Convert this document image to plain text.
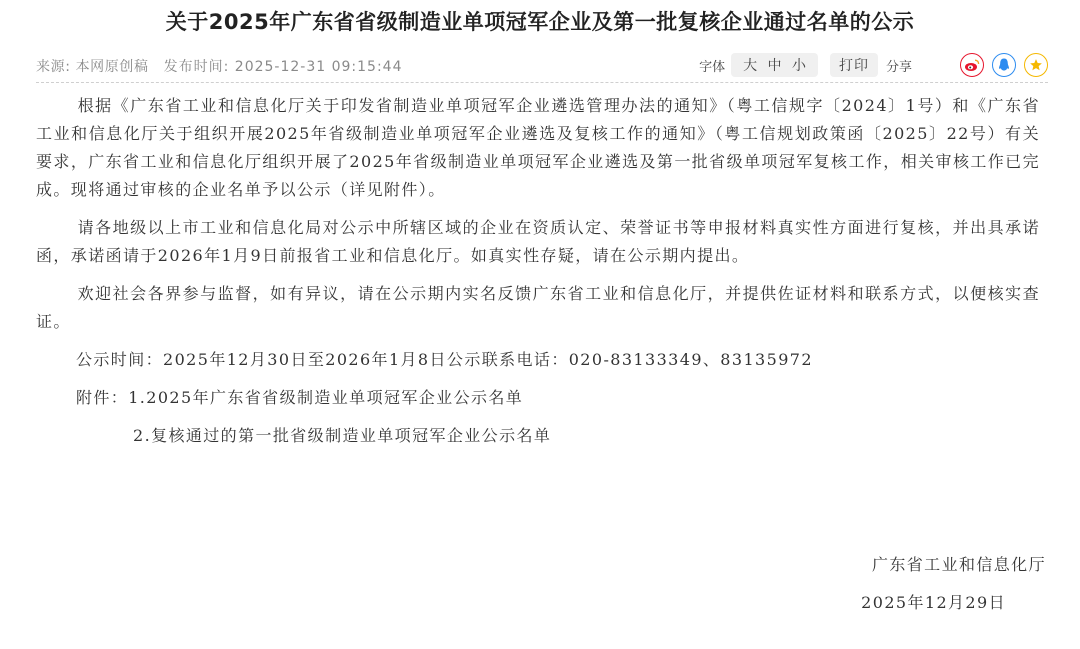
关于2025年广东省省级制造业单项冠军企业及第一批复核企业通过名单的公示
来源: 本网原创稿 发布时间: 2025-12-31 09:15:44	字体	大 中 小	打印	分享

根据《广东省工业和信息化厅关于印发省制造业单项冠军企业遴选管理办法的通知》（粤工信规字〔2024〕1号）和《广东省工业和信息化厅关于组织开展2025年省级制造业单项冠军企业遴选及复核工作的通知》（粤工信规划政策函〔2025〕22号）有关要求，广东省工业和信息化厅组织开展了2025年省级制造业单项冠军企业遴选及第一批省级单项冠军复核工作，相关审核工作已完成。现将通过审核的企业名单予以公示（详见附件）。

请各地级以上市工业和信息化局对公示中所辖区域的企业在资质认定、荣誉证书等申报材料真实性方面进行复核，并出具承诺函，承诺函请于2026年1月9日前报省工业和信息化厅。如真实性存疑，请在公示期内提出。

欢迎社会各界参与监督，如有异议，请在公示期内实名反馈广东省工业和信息化厅，并提供佐证材料和联系方式，以便核实查证。

公示时间：2025年12月30日至2026年1月8日公示联系电话：020-83133349、83135972
附件：1.2025年广东省省级制造业单项冠军企业公示名单
2.复核通过的第一批省级制造业单项冠军企业公示名单
广东省工业和信息化厅
2025年12月29日
